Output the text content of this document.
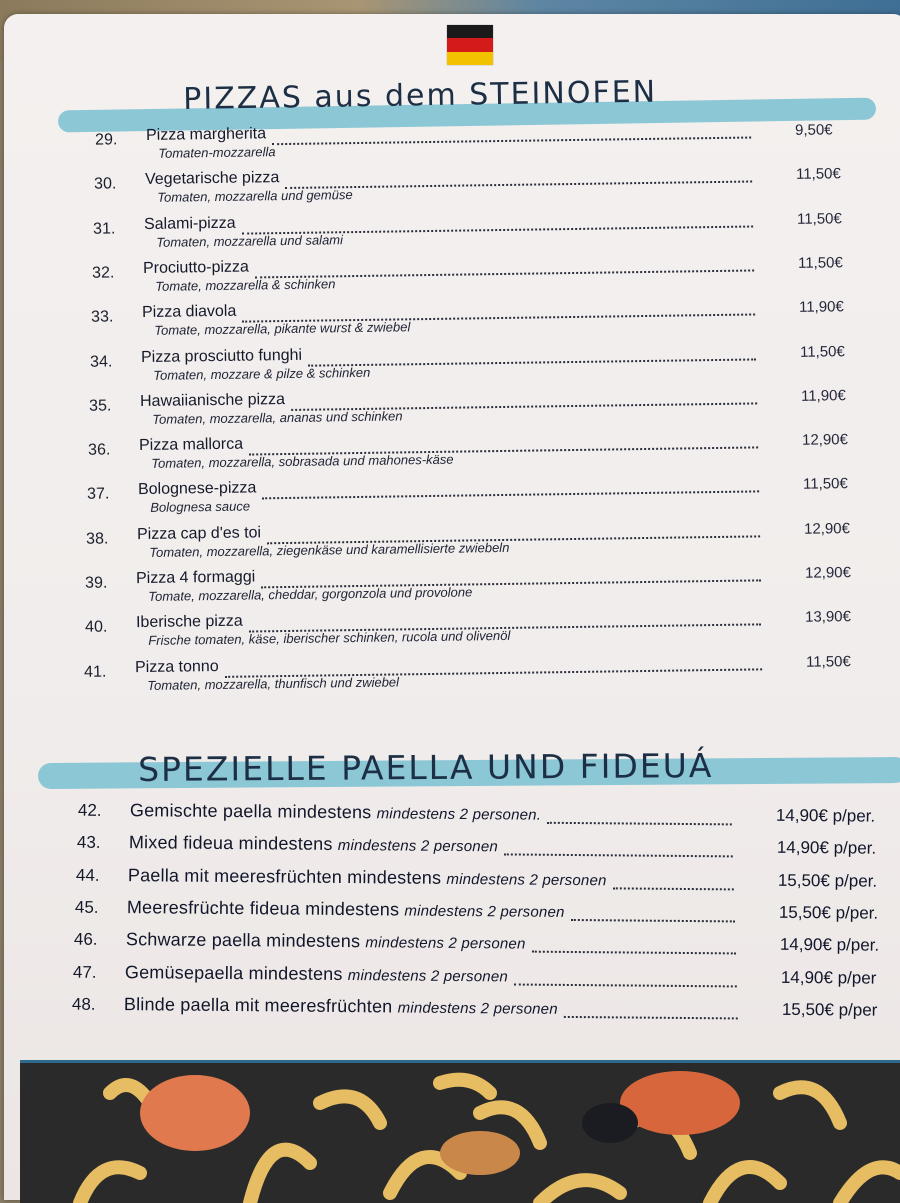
PIZZAS aus dem STEINOFEN
29. Pizza margherita
Tomaten-mozzarella
9,50€
30. Vegetarische pizza
Tomaten, mozzarella und gemüse
11,50€
31. Salami-pizza
Tomaten, mozzarella und salami
11,50€
32. Prociutto-pizza
Tomate, mozzarella & schinken
11,50€
33. Pizza diavola
Tomate, mozzarella, pikante wurst & zwiebel
11,90€
34. Pizza prosciutto funghi
Tomaten, mozzare & pilze & schinken
11,50€
35. Hawaiianische pizza
Tomaten, mozzarella, ananas und schinken
11,90€
36. Pizza mallorca
Tomaten, mozzarella, sobrasada und mahones-käse
12,90€
37. Bolognese-pizza
Bolognesa sauce
11,50€
38. Pizza cap d'es toi
Tomaten, mozzarella, ziegenkäse und karamellisierte zwiebeln
12,90€
39. Pizza 4 formaggi
Tomate, mozzarella, cheddar, gorgonzola und provolone
12,90€
40. Iberische pizza
Frische tomaten, käse, iberischer schinken, rucola und olivenöl
13,90€
41. Pizza tonno
Tomaten, mozzarella, thunfisch und zwiebel
11,50€
SPEZIELLE PAELLA UND FIDEUÁ
42. Gemischte paella mindestens mindestens 2 personen.	14,90€ p/per.
43. Mixed fideua mindestens mindestens 2 personen	14,90€ p/per.
44. Paella mit meeresfrüchten mindestens mindestens 2 personen	15,50€ p/per.
45. Meeresfrüchte fideua mindestens mindestens 2 personen	15,50€ p/per.
46. Schwarze paella mindestens mindestens 2 personen	14,90€ p/per.
47. Gemüsepaella mindestens mindestens 2 personen	14,90€ p/per
48. Blinde paella mit meeresfrüchten mindestens 2 personen	15,50€ p/per
